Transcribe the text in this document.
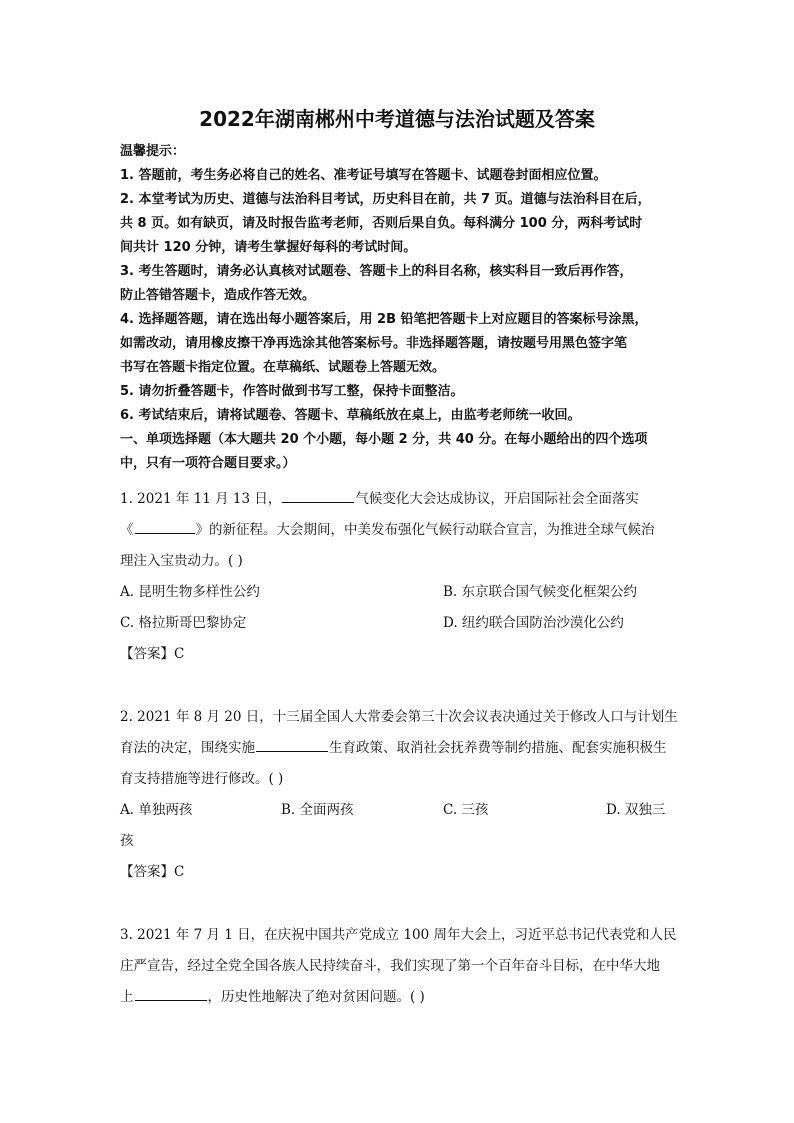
2022年湖南郴州中考道德与法治试题及答案
温馨提示：
1. 答题前，考生务必将自己的姓名、准考证号填写在答题卡、试题卷封面相应位置。
2. 本堂考试为历史、道德与法治科目考试，历史科目在前，共 7 页。道德与法治科目在后，
共 8 页。如有缺页，请及时报告监考老师，否则后果自负。每科满分 100 分，两科考试时
间共计 120 分钟，请考生掌握好每科的考试时间。
3. 考生答题时，请务必认真核对试题卷、答题卡上的科目名称，核实科目一致后再作答，
防止答错答题卡，造成作答无效。
4. 选择题答题，请在选出每小题答案后，用 2B 铅笔把答题卡上对应题目的答案标号涂黑，
如需改动，请用橡皮擦干净再选涂其他答案标号。非选择题答题，请按题号用黑色签字笔
书写在答题卡指定位置。在草稿纸、试题卷上答题无效。
5. 请勿折叠答题卡，作答时做到书写工整，保持卡面整洁。
6. 考试结束后，请将试题卷、答题卡、草稿纸放在桌上，由监考老师统一收回。
一、单项选择题（本大题共 20 个小题，每小题 2 分，共 40 分。在每小题给出的四个选项
中，只有一项符合题目要求。）
1. 2021 年 11 月 13 日，	气候变化大会达成协议，开启国际社会全面落实
《	》的新征程。大会期间，中美发布强化气候行动联合宣言，为推进全球气候治
理注入宝贵动力。( )
A. 昆明生物多样性公约	B. 东京联合国气候变化框架公约
C. 格拉斯哥巴黎协定	D. 纽约联合国防治沙漠化公约
【答案】C
2. 2021 年 8 月 20 日，十三届全国人大常委会第三十次会议表决通过关于修改人口与计划生
育法的决定，围绕实施	生育政策、取消社会抚养费等制约措施、配套实施积极生
育支持措施等进行修改。( )
A. 单独两孩	B. 全面两孩	C. 三孩	D. 双独三
孩
【答案】C
3. 2021 年 7 月 1 日，在庆祝中国共产党成立 100 周年大会上，习近平总书记代表党和人民
庄严宣告，经过全党全国各族人民持续奋斗，我们实现了第一个百年奋斗目标，在中华大地
上	，历史性地解决了绝对贫困问题。( )
